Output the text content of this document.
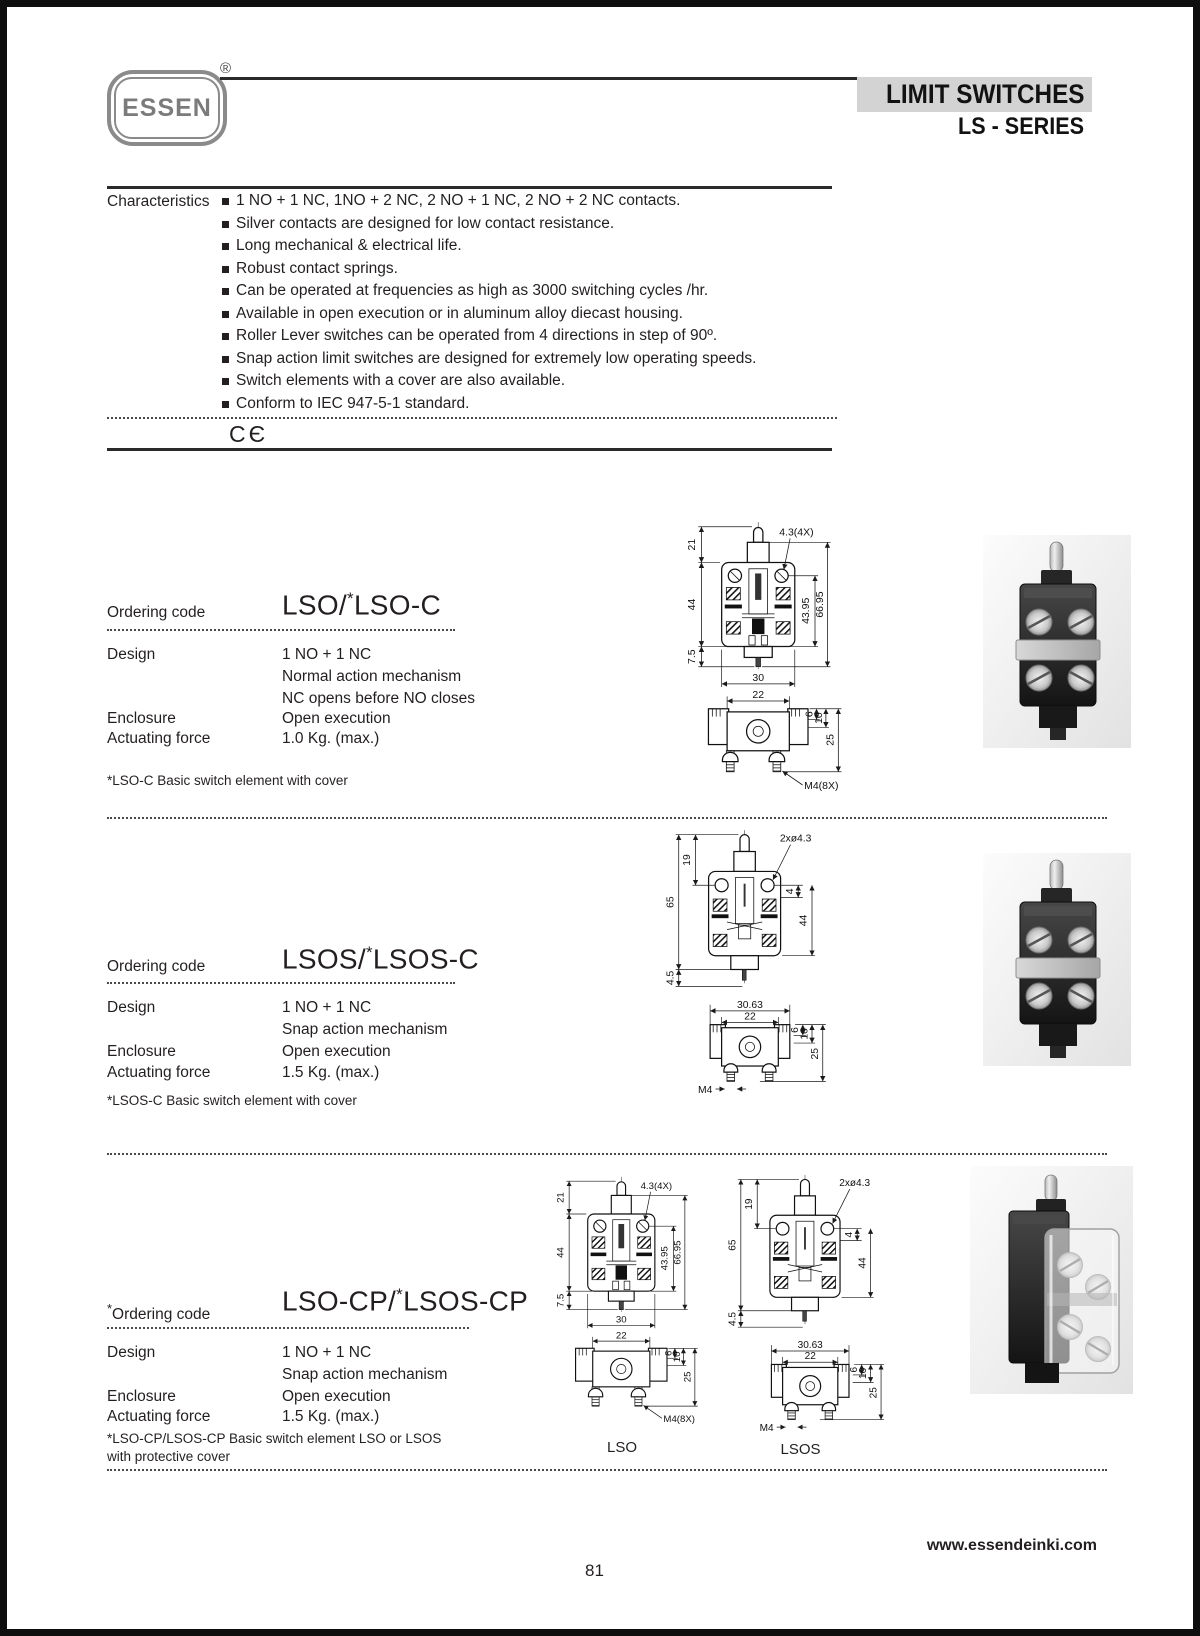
ESSEN
®
LIMIT SWITCHES
LS - SERIES
Characteristics 1 NO + 1 NC, 1NO + 2 NC, 2 NO + 1 NC, 2 NO + 2 NC contacts.
Silver contacts are designed for low contact resistance.
Long mechanical & electrical life.
Robust contact springs.
Can be operated at frequencies as high as 3000 switching cycles /hr.
Available in open execution or in aluminum alloy diecast housing.
Roller Lever switches can be operated from 4 directions in step of 90º.
Snap action limit switches are designed for extremely low operating speeds.
Switch elements with a cover are also available.
Conform to IEC 947-5-1 standard.
CЄ
Ordering code	LSO/*LSO-C
Design	1 NO + 1 NC
Normal action mechanism
NC opens before NO closes
Enclosure	Open execution
Actuating force	1.0 Kg. (max.)
*LSO-C Basic switch element with cover
21
44
7.5
43.95 66.95
4.3(4X)
30
22
6
10
25
M4(8X)
Ordering code	LSOS/*LSOS-C
Design	1 NO + 1 NC
Snap action mechanism
Enclosure	Open execution
Actuating force	1.5 Kg. (max.)
*LSOS-C Basic switch element with cover
19
65
4.5
2xø4.3
4
44
30.63
22
6
10
25
M4
*Ordering code	LSO-CP/*LSOS-CP
Design	1 NO + 1 NC
Snap action mechanism
Enclosure	Open execution
Actuating force	1.5 Kg. (max.)
*LSO-CP/LSOS-CP Basic switch element LSO or LSOS
with protective cover
21
44
7.5
43.95 66.95
4.3(4X)
30
22
6
10
25
M4(8X)
19
65
4.5
2xø4.3
4
44
30.63
22
6
10
25
M4
LSO	LSOS
www.essendeinki.com
81
